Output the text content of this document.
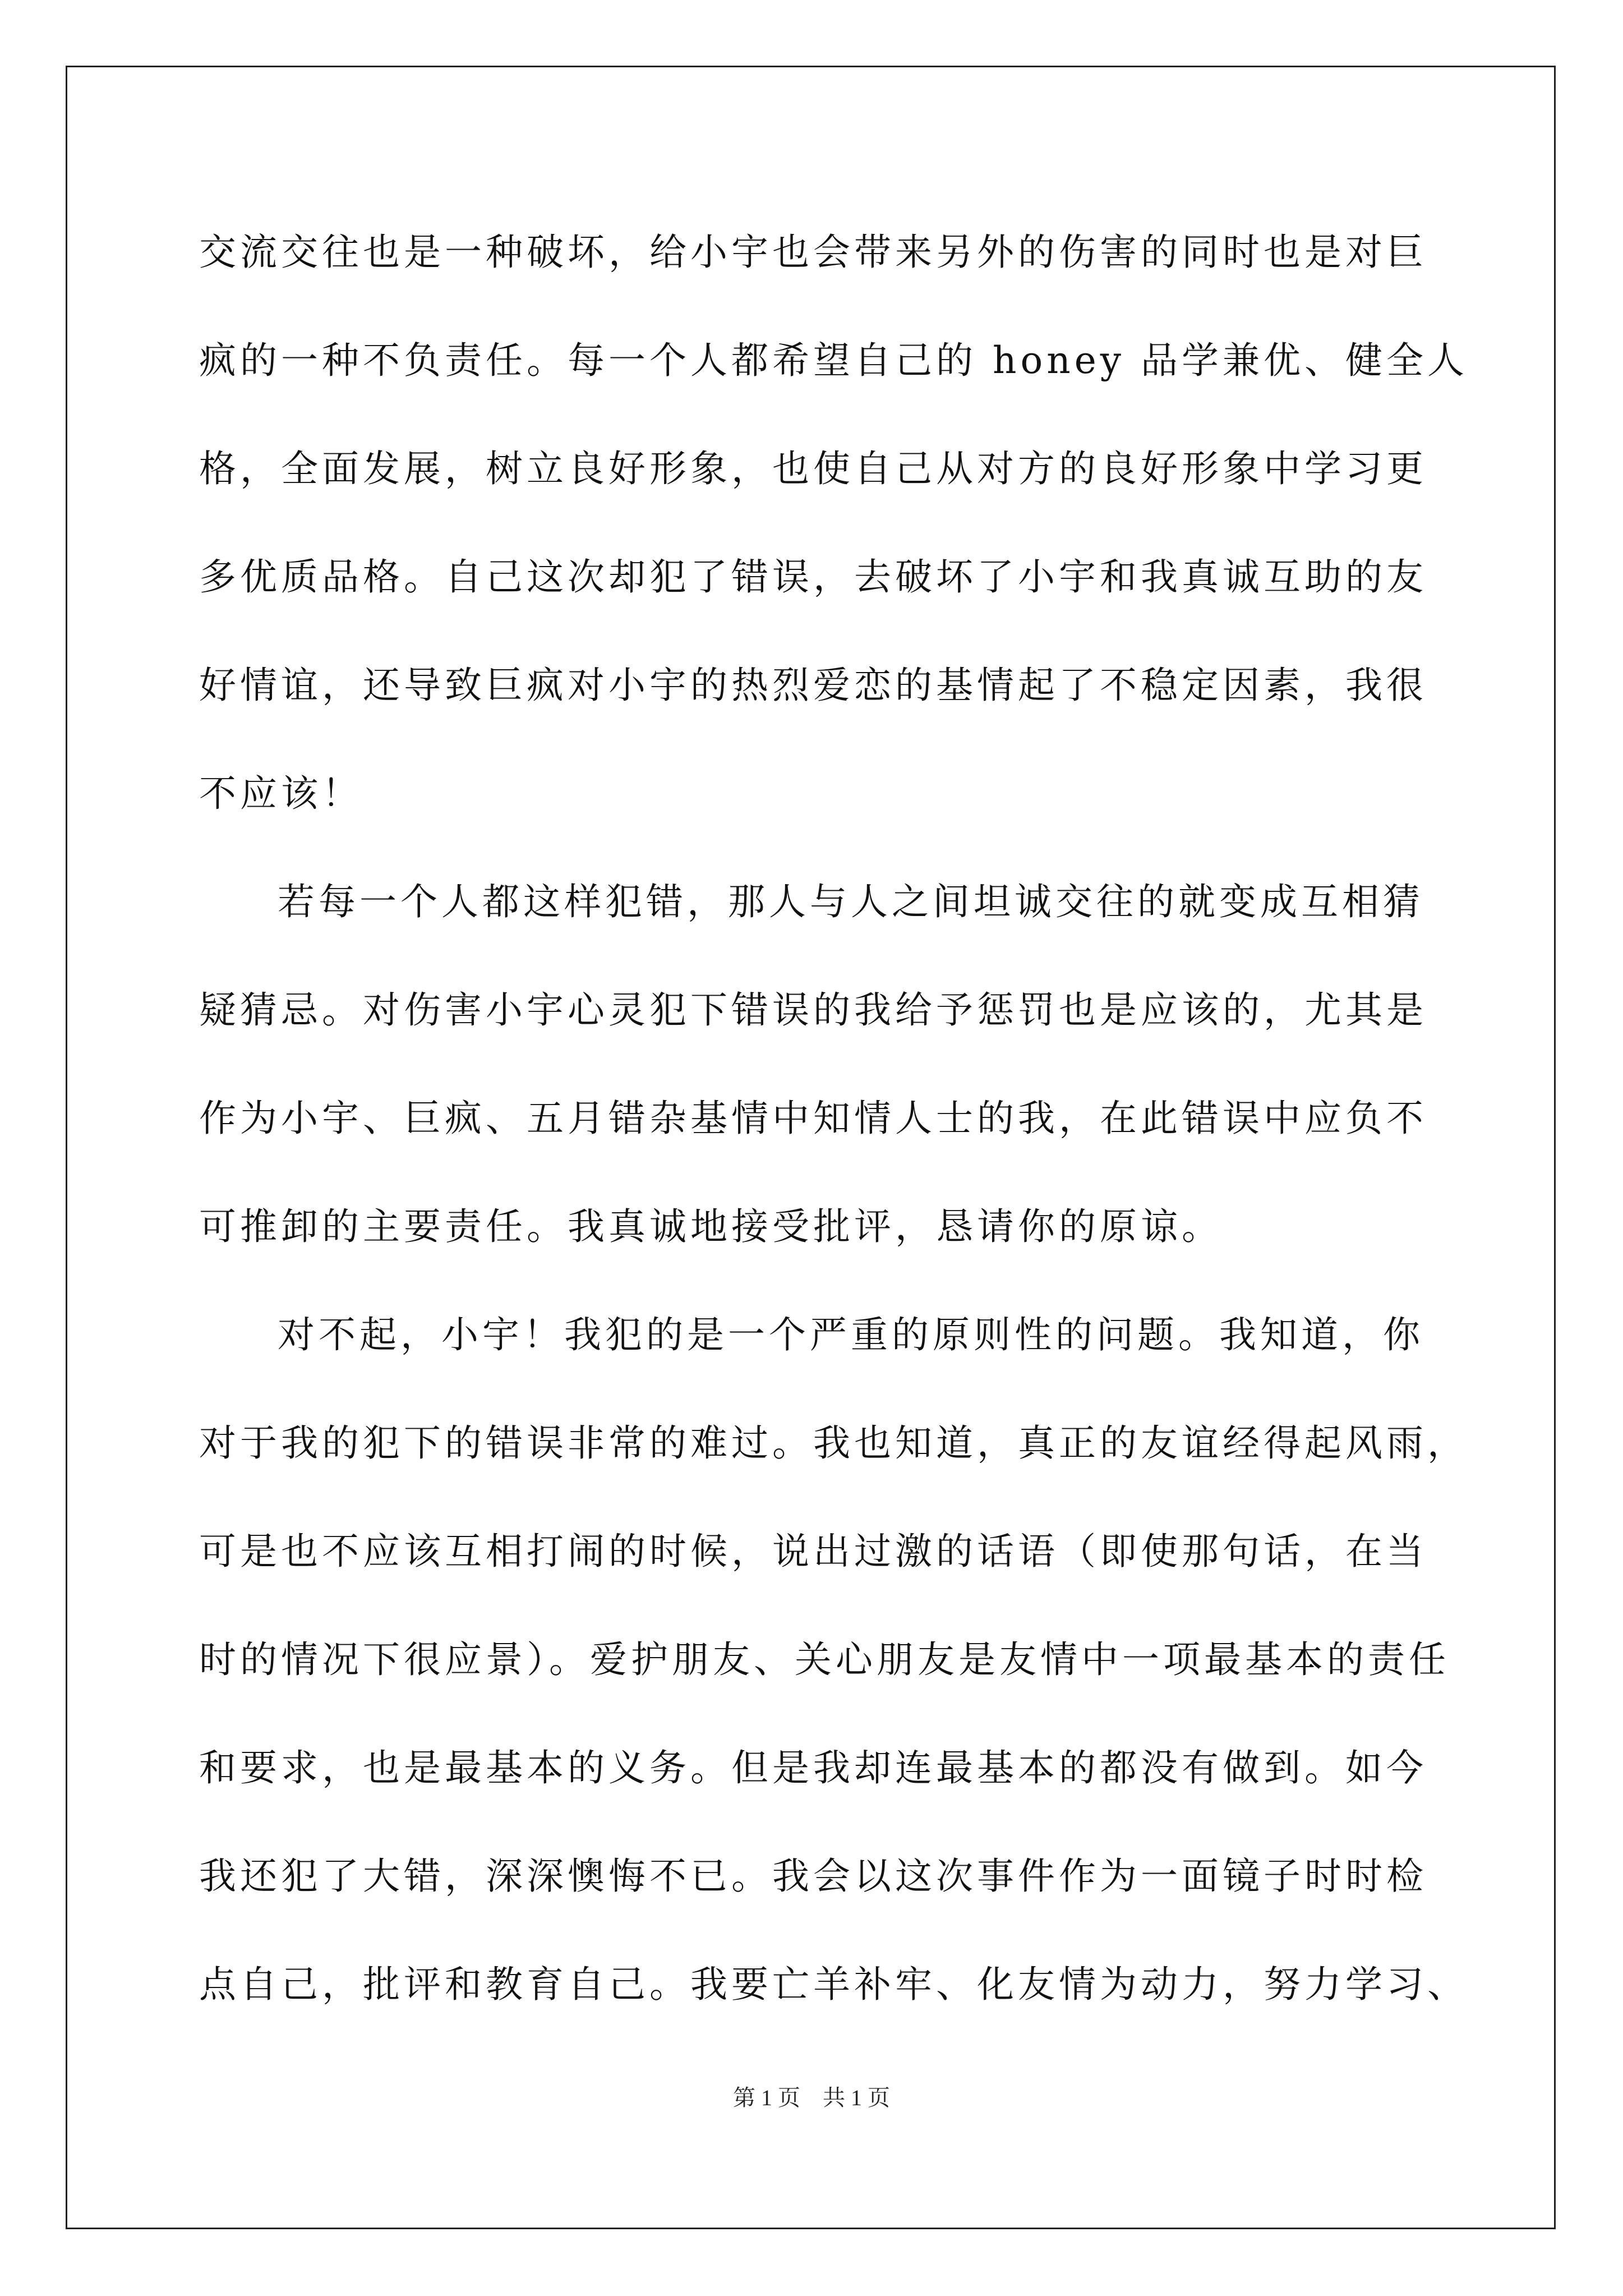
交流交往也是一种破坏，给小宇也会带来另外的伤害的同时也是对巨
疯的一种不负责任。每一个人都希望自己的 honey 品学兼优、健全人
格，全面发展，树立良好形象，也使自己从对方的良好形象中学习更
多优质品格。自己这次却犯了错误，去破坏了小宇和我真诚互助的友
好情谊，还导致巨疯对小宇的热烈爱恋的基情起了不稳定因素，我很
不应该！
若每一个人都这样犯错，那人与人之间坦诚交往的就变成互相猜
疑猜忌。对伤害小宇心灵犯下错误的我给予惩罚也是应该的，尤其是
作为小宇、巨疯、五月错杂基情中知情人士的我，在此错误中应负不
可推卸的主要责任。我真诚地接受批评，恳请你的原谅。
对不起，小宇！我犯的是一个严重的原则性的问题。我知道，你
对于我的犯下的错误非常的难过。我也知道，真正的友谊经得起风雨，
可是也不应该互相打闹的时候，说出过激的话语（即使那句话，在当
时的情况下很应景）。爱护朋友、关心朋友是友情中一项最基本的责任
和要求，也是最基本的义务。但是我却连最基本的都没有做到。如今
我还犯了大错，深深懊悔不已。我会以这次事件作为一面镜子时时检
点自己，批评和教育自己。我要亡羊补牢、化友情为动力，努力学习、
第 1 页 共 1 页
